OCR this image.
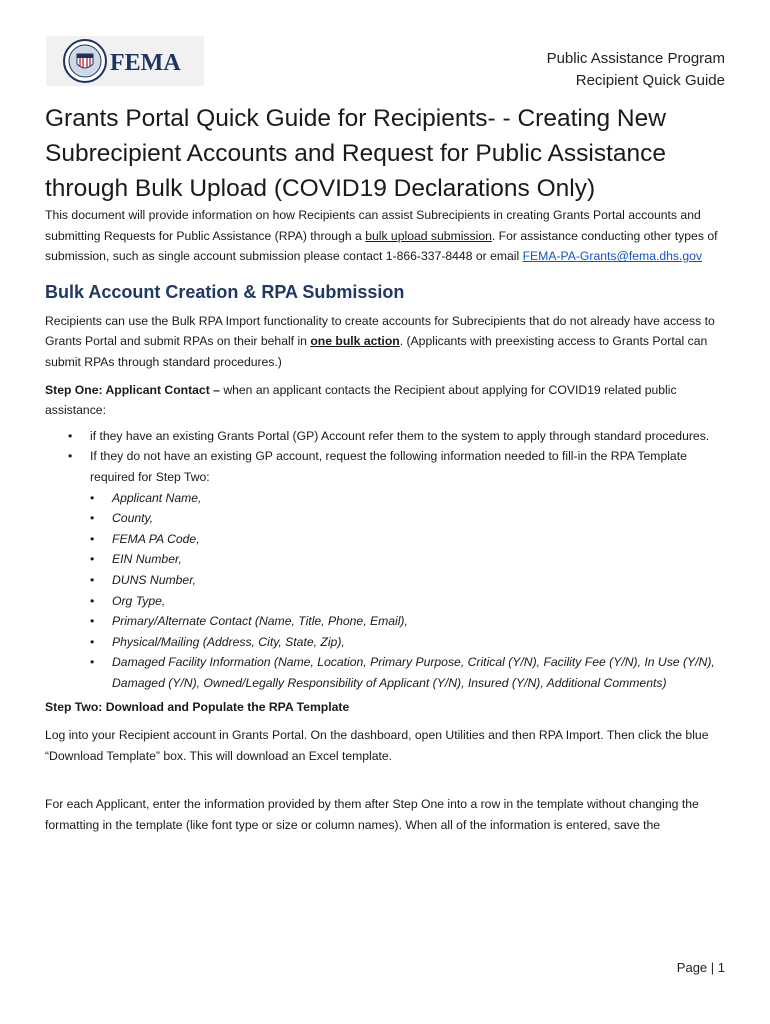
FEMA	Public Assistance Program
Recipient Quick Guide
Grants Portal Quick Guide for Recipients- - Creating New Subrecipient Accounts and Request for Public Assistance through Bulk Upload (COVID19 Declarations Only)

This document will provide information on how Recipients can assist Subrecipients in creating Grants Portal accounts and submitting Requests for Public Assistance (RPA) through a bulk upload submission. For assistance conducting other types of submission, such as single account submission please contact 1-866-337-8448 or email FEMA-PA-Grants@fema.dhs.gov

Bulk Account Creation & RPA Submission

Recipients can use the Bulk RPA Import functionality to create accounts for Subrecipients that do not already have access to Grants Portal and submit RPAs on their behalf in one bulk action. (Applicants with preexisting access to Grants Portal can submit RPAs through standard procedures.)

Step One: Applicant Contact – when an applicant contacts the Recipient about applying for COVID19 related public assistance:

• if they have an existing Grants Portal (GP) Account refer them to the system to apply through standard procedures.
• If they do not have an existing GP account, request the following information needed to fill-in the RPA Template required for Step Two:
• Applicant Name,
• County,
• FEMA PA Code,
• EIN Number,
• DUNS Number,
• Org Type,
• Primary/Alternate Contact (Name, Title, Phone, Email),
• Physical/Mailing (Address, City, State, Zip),
• Damaged Facility Information (Name, Location, Primary Purpose, Critical (Y/N), Facility Fee (Y/N), In Use (Y/N), Damaged (Y/N), Owned/Legally Responsibility of Applicant (Y/N), Insured (Y/N), Additional Comments)

Step Two: Download and Populate the RPA Template

Log into your Recipient account in Grants Portal. On the dashboard, open Utilities and then RPA Import. Then click the blue “Download Template” box. This will download an Excel template.

For each Applicant, enter the information provided by them after Step One into a row in the template without changing the formatting in the template (like font type or size or column names). When all of the information is entered, save the

Page | 1
